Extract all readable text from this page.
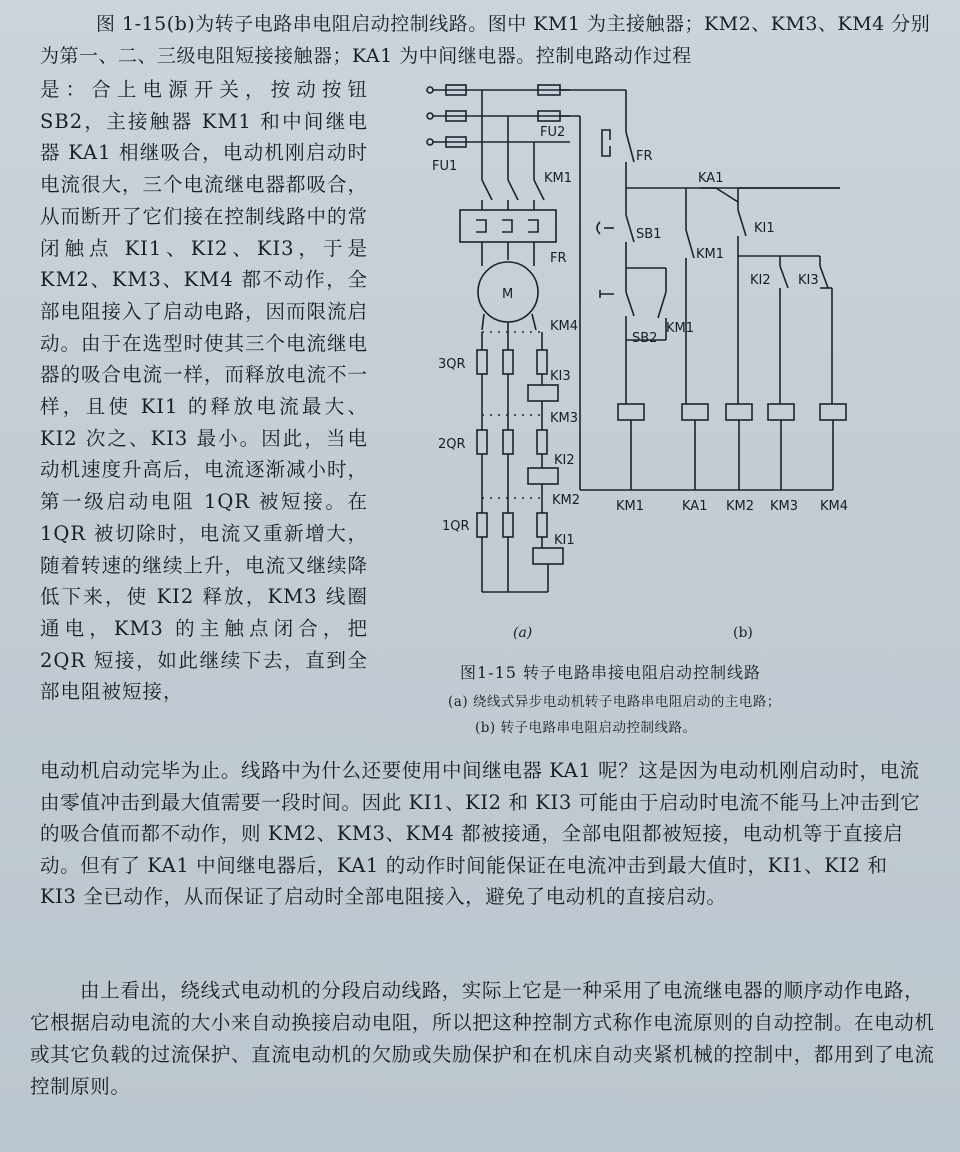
图 1-15(b)为转子电路串电阻启动控制线路。图中 KM1 为主接触器；KM2、KM3、KM4 分别为第一、二、三级电阻短接接触器；KA1 为中间继电器。控制电路动作过程

是：合上电源开关，按动按钮SB2，主接触器 KM1 和中间继电器 KA1 相继吸合，电动机刚启动时电流很大，三个电流继电器都吸合，从而断开了它们接在控制线路中的常闭触点 KI1、KI2、KI3，于是 KM2、KM3、KM4 都不动作，全部电阻接入了启动电路，因而限流启动。由于在选型时使其三个电流继电器的吸合电流一样，而释放电流不一样，且使 KI1 的释放电流最大、KI2 次之、KI3 最小。因此，当电动机速度升高后，电流逐渐减小时，第一级启动电阻 1QR 被短接。在 1QR 被切除时，电流又重新增大，随着转速的继续上升，电流又继续降低下来，使 KI2 释放，KM3 线圈通电，KM3 的主触点闭合，把 2QR 短接，如此继续下去，直到全部电阻被短接，

FU1
FU2
KM1
FR
M
KM4
3QR
KI3
KM3
2QR
KI2
KM2
1QR
KI1
FR
KA1
SB1	KI1
KM1
KI2 KI3
SB2
KM1
KM1	KA1 KM2 KM3 KM4
(a)	(b)
图1-15 转子电路串接电阻启动控制线路
(a) 绕线式异步电动机转子电路串电阻启动的主电路；
(b) 转子电路串电阻启动控制线路。

电动机启动完毕为止。线路中为什么还要使用中间继电器 KA1 呢？这是因为电动机刚启动时，电流由零值冲击到最大值需要一段时间。因此 KI1、KI2 和 KI3 可能由于启动时电流不能马上冲击到它的吸合值而都不动作，则 KM2、KM3、KM4 都被接通，全部电阻都被短接，电动机等于直接启动。但有了 KA1 中间继电器后，KA1 的动作时间能保证在电流冲击到最大值时，KI1、KI2 和 KI3 全已动作，从而保证了启动时全部电阻接入，避免了电动机的直接启动。

由上看出，绕线式电动机的分段启动线路，实际上它是一种采用了电流继电器的顺序动作电路，它根据启动电流的大小来自动换接启动电阻，所以把这种控制方式称作电流原则的自动控制。在电动机或其它负载的过流保护、直流电动机的欠励或失励保护和在机床自动夹紧机械的控制中，都用到了电流控制原则。
